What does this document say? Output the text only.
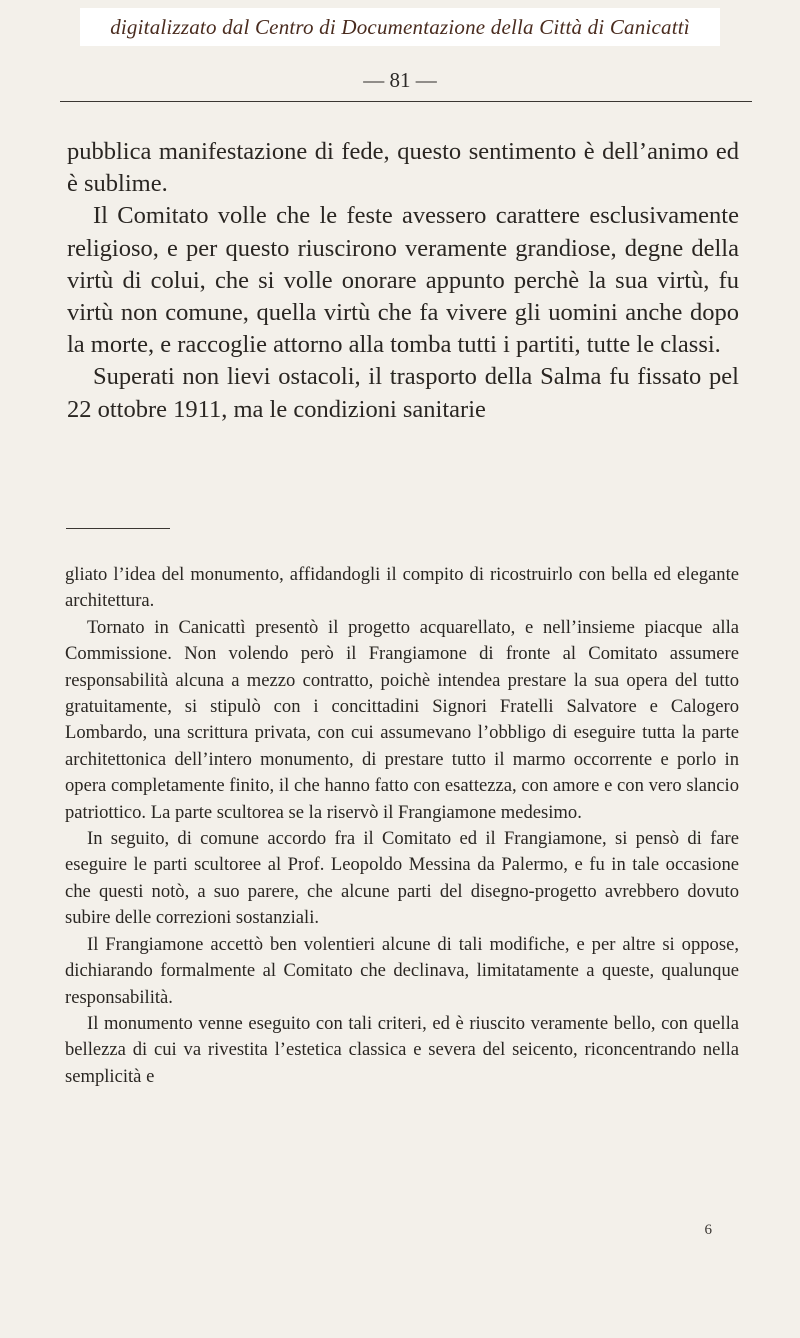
digitalizzato dal Centro di Documentazione della Città di Canicattì
— 81 —

pubblica manifestazione di fede, questo sentimento è dell’animo ed è sublime.

Il Comitato volle che le feste avessero carattere esclusivamente religioso, e per questo riuscirono veramente grandiose, degne della virtù di colui, che si volle onorare appunto perchè la sua virtù, fu virtù non comune, quella virtù che fa vivere gli uomini anche dopo la morte, e raccoglie attorno alla tomba tutti i partiti, tutte le classi.

Superati non lievi ostacoli, il trasporto della Salma fu fissato pel 22 ottobre 1911, ma le condizioni sanitarie

gliato l’idea del monumento, affidandogli il compito di ricostruirlo con bella ed elegante architettura.

Tornato in Canicattì presentò il progetto acquarellato, e nell’insieme piacque alla Commissione. Non volendo però il Frangiamone di fronte al Comitato assumere responsabilità alcuna a mezzo contratto, poichè intendea prestare la sua opera del tutto gratuitamente, si stipulò con i concittadini Signori Fratelli Salvatore e Calogero Lombardo, una scrittura privata, con cui assumevano l’obbligo di eseguire tutta la parte architettonica dell’intero monumento, di prestare tutto il marmo occorrente e porlo in opera completamente finito, il che hanno fatto con esattezza, con amore e con vero slancio patriottico. La parte scultorea se la riservò il Frangiamone medesimo.

In seguito, di comune accordo fra il Comitato ed il Frangiamone, si pensò di fare eseguire le parti scultoree al Prof. Leopoldo Messina da Palermo, e fu in tale occasione che questi notò, a suo parere, che alcune parti del disegno-progetto avrebbero dovuto subire delle correzioni sostanziali.

Il Frangiamone accettò ben volentieri alcune di tali modifiche, e per altre si oppose, dichiarando formalmente al Comitato che declinava, limitatamente a queste, qualunque responsabilità.

Il monumento venne eseguito con tali criteri, ed è riuscito veramente bello, con quella bellezza di cui va rivestita l’estetica classica e severa del seicento, riconcentrando nella semplicità e

6
